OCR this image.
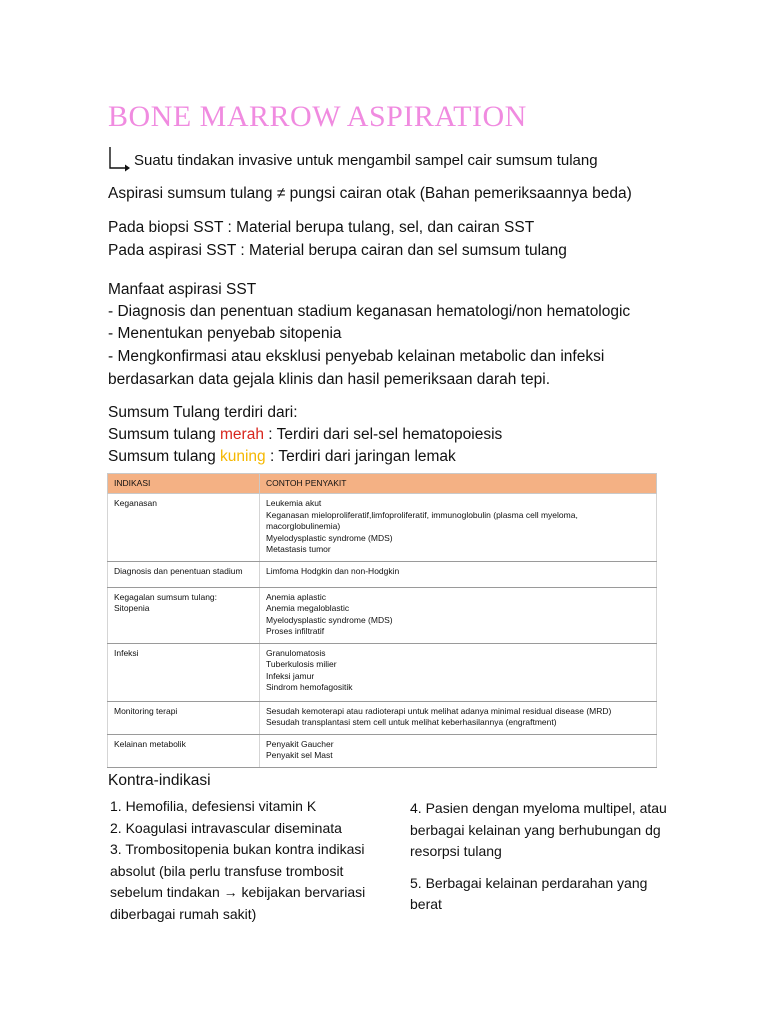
BONE MARROW ASPIRATION
Suatu tindakan invasive untuk mengambil sampel cair sumsum tulang
Aspirasi sumsum tulang ≠ pungsi cairan otak (Bahan pemeriksaannya beda)
Pada biopsi SST : Material berupa tulang, sel, dan cairan SST
Pada aspirasi SST : Material berupa cairan dan sel sumsum tulang
Manfaat aspirasi SST
- Diagnosis dan penentuan stadium keganasan hematologi/non hematologic
- Menentukan penyebab sitopenia
- Mengkonfirmasi atau eksklusi penyebab kelainan metabolic dan infeksi
berdasarkan data gejala klinis dan hasil pemeriksaan darah tepi.
Sumsum Tulang terdiri dari:
Sumsum tulang merah : Terdiri dari sel-sel hematopoiesis
Sumsum tulang kuning : Terdiri dari jaringan lemak
INDIKASI	CONTOH PENYAKIT

Keganasan	Leukemia akut
Keganasan mieloproliferatif,limfoproliferatif, immunoglobulin (plasma cell myeloma, macorglobulinemia)
Myelodysplastic syndrome (MDS)
Metastasis tumor

Diagnosis dan penentuan stadium	Limfoma Hodgkin dan non-Hodgkin

Kegagalan sumsum tulang:
Sitopenia	Anemia aplastic
Anemia megaloblastic
Myelodysplastic syndrome (MDS)
Proses infiltratif

Infeksi	Granulomatosis
Tuberkulosis milier
Infeksi jamur
Sindrom hemofagositik

Monitoring terapi	Sesudah kemoterapi atau radioterapi untuk melihat adanya minimal residual disease (MRD)
Sesudah transplantasi stem cell untuk melihat keberhasilannya (engraftment)

Kelainan metabolik	Penyakit Gaucher
Penyakit sel Mast
Kontra-indikasi
1. Hemofilia, defesiensi vitamin K
2. Koagulasi intravascular diseminata
3. Trombositopenia bukan kontra indikasi absolut (bila perlu transfuse trombosit sebelum tindakan → kebijakan bervariasi diberbagai rumah sakit)
4. Pasien dengan myeloma multipel, atau berbagai kelainan yang berhubungan dg resorpsi tulang
5. Berbagai kelainan perdarahan yang berat
